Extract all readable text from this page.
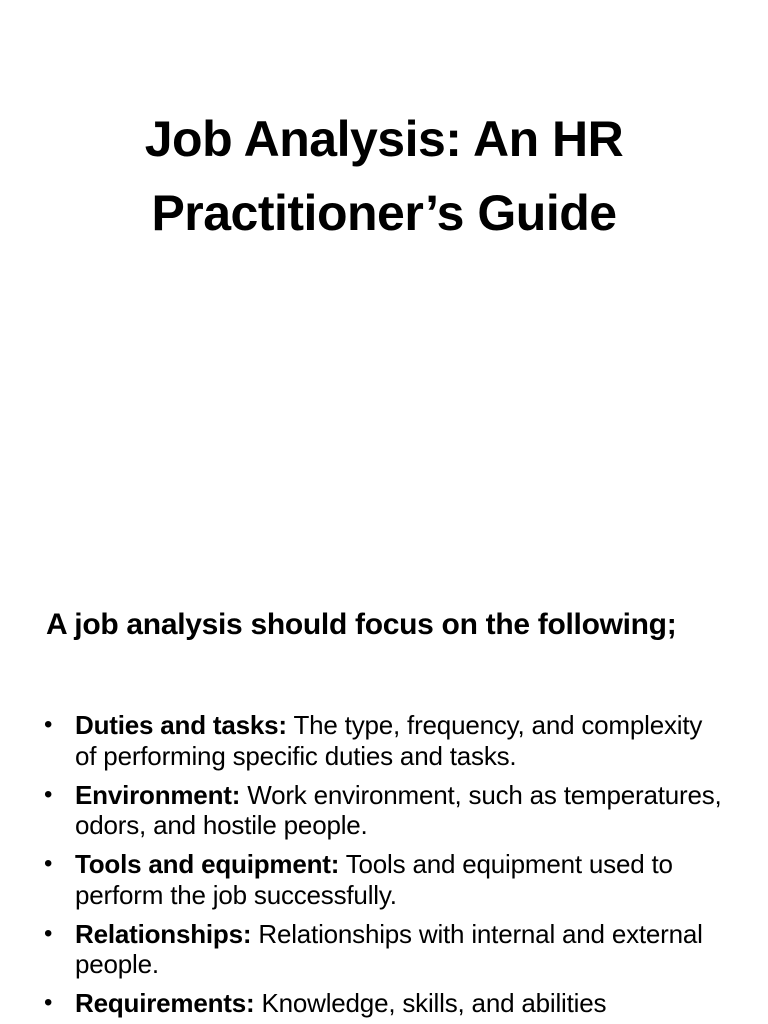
Job Analysis: An HR
Practitioner’s Guide
A job analysis should focus on the following;
• Duties and tasks: The type, frequency, and complexity of performing specific duties and tasks.
• Environment: Work environment, such as temperatures, odors, and hostile people.
• Tools and equipment: Tools and equipment used to perform the job successfully.
• Relationships: Relationships with internal and external people.
• Requirements: Knowledge, skills, and abilities
